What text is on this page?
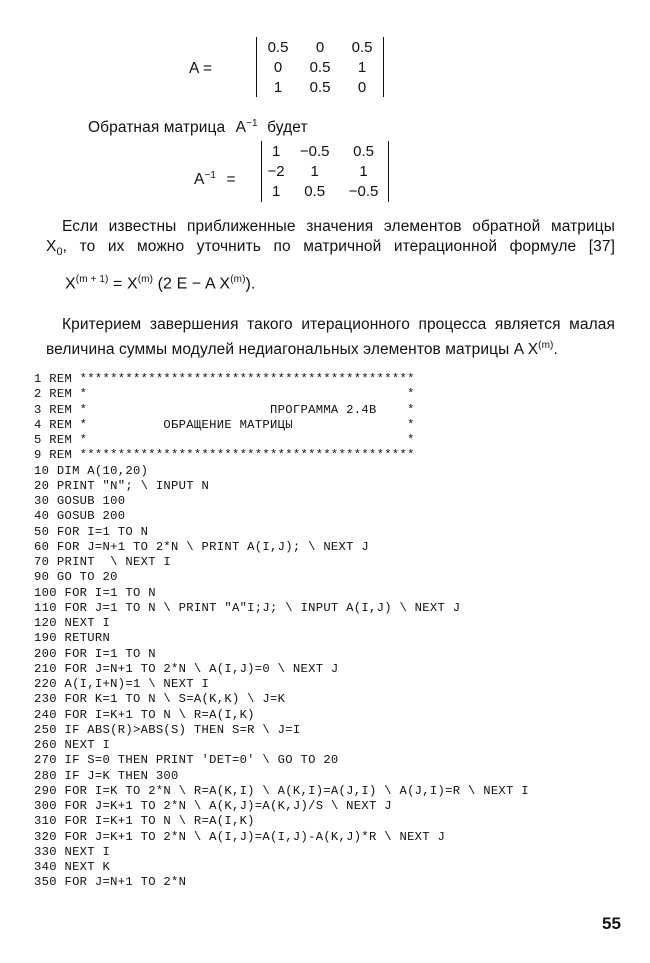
A =
0.5	0	0.5
0	0.5	1
1	0.5	0
Обратная матрица $A^{-1}$ будет
$A^{-1}$ =
1	−0.5	0.5
−2	1	1
1	0.5	−0.5
Если известны приближенные значения элементов обратной матрицы
$X_0$, то их можно уточнить по матричной итерационной формуле [37]
$X^{(m + 1)} = X^{(m)}$ (2 E − A $X^{(m)}$).
Критерием завершения такого итерационного процесса является малая
величина суммы модулей недиагональных элементов матрицы A $X^{(m)}$.
1 REM ********************************************
2 REM *                                          *
3 REM *                        ПРОГРАММА 2.4В    *
4 REM *          ОБРАЩЕНИЕ МАТРИЦЫ               *
5 REM *                                          *
9 REM ********************************************
10 DIM A(10,20)
20 PRINT "N"; \ INPUT N
30 GOSUB 100
40 GOSUB 200
50 FOR I=1 TO N
60 FOR J=N+1 TO 2*N \ PRINT A(I,J); \ NEXT J
70 PRINT  \ NEXT I
90 GO TO 20
100 FOR I=1 TO N
110 FOR J=1 TO N \ PRINT "A"I;J; \ INPUT A(I,J) \ NEXT J
120 NEXT I
190 RETURN
200 FOR I=1 TO N
210 FOR J=N+1 TO 2*N \ A(I,J)=0 \ NEXT J
220 A(I,I+N)=1 \ NEXT I
230 FOR K=1 TO N \ S=A(K,K) \ J=K
240 FOR I=K+1 TO N \ R=A(I,K)
250 IF ABS(R)>ABS(S) THEN S=R \ J=I
260 NEXT I
270 IF S=0 THEN PRINT 'DET=0' \ GO TO 20
280 IF J=K THEN 300
290 FOR I=K TO 2*N \ R=A(K,I) \ A(K,I)=A(J,I) \ A(J,I)=R \ NEXT I
300 FOR J=K+1 TO 2*N \ A(K,J)=A(K,J)/S \ NEXT J
310 FOR I=K+1 TO N \ R=A(I,K)
320 FOR J=K+1 TO 2*N \ A(I,J)=A(I,J)-A(K,J)*R \ NEXT J
330 NEXT I
340 NEXT K
350 FOR J=N+1 TO 2*N
55
